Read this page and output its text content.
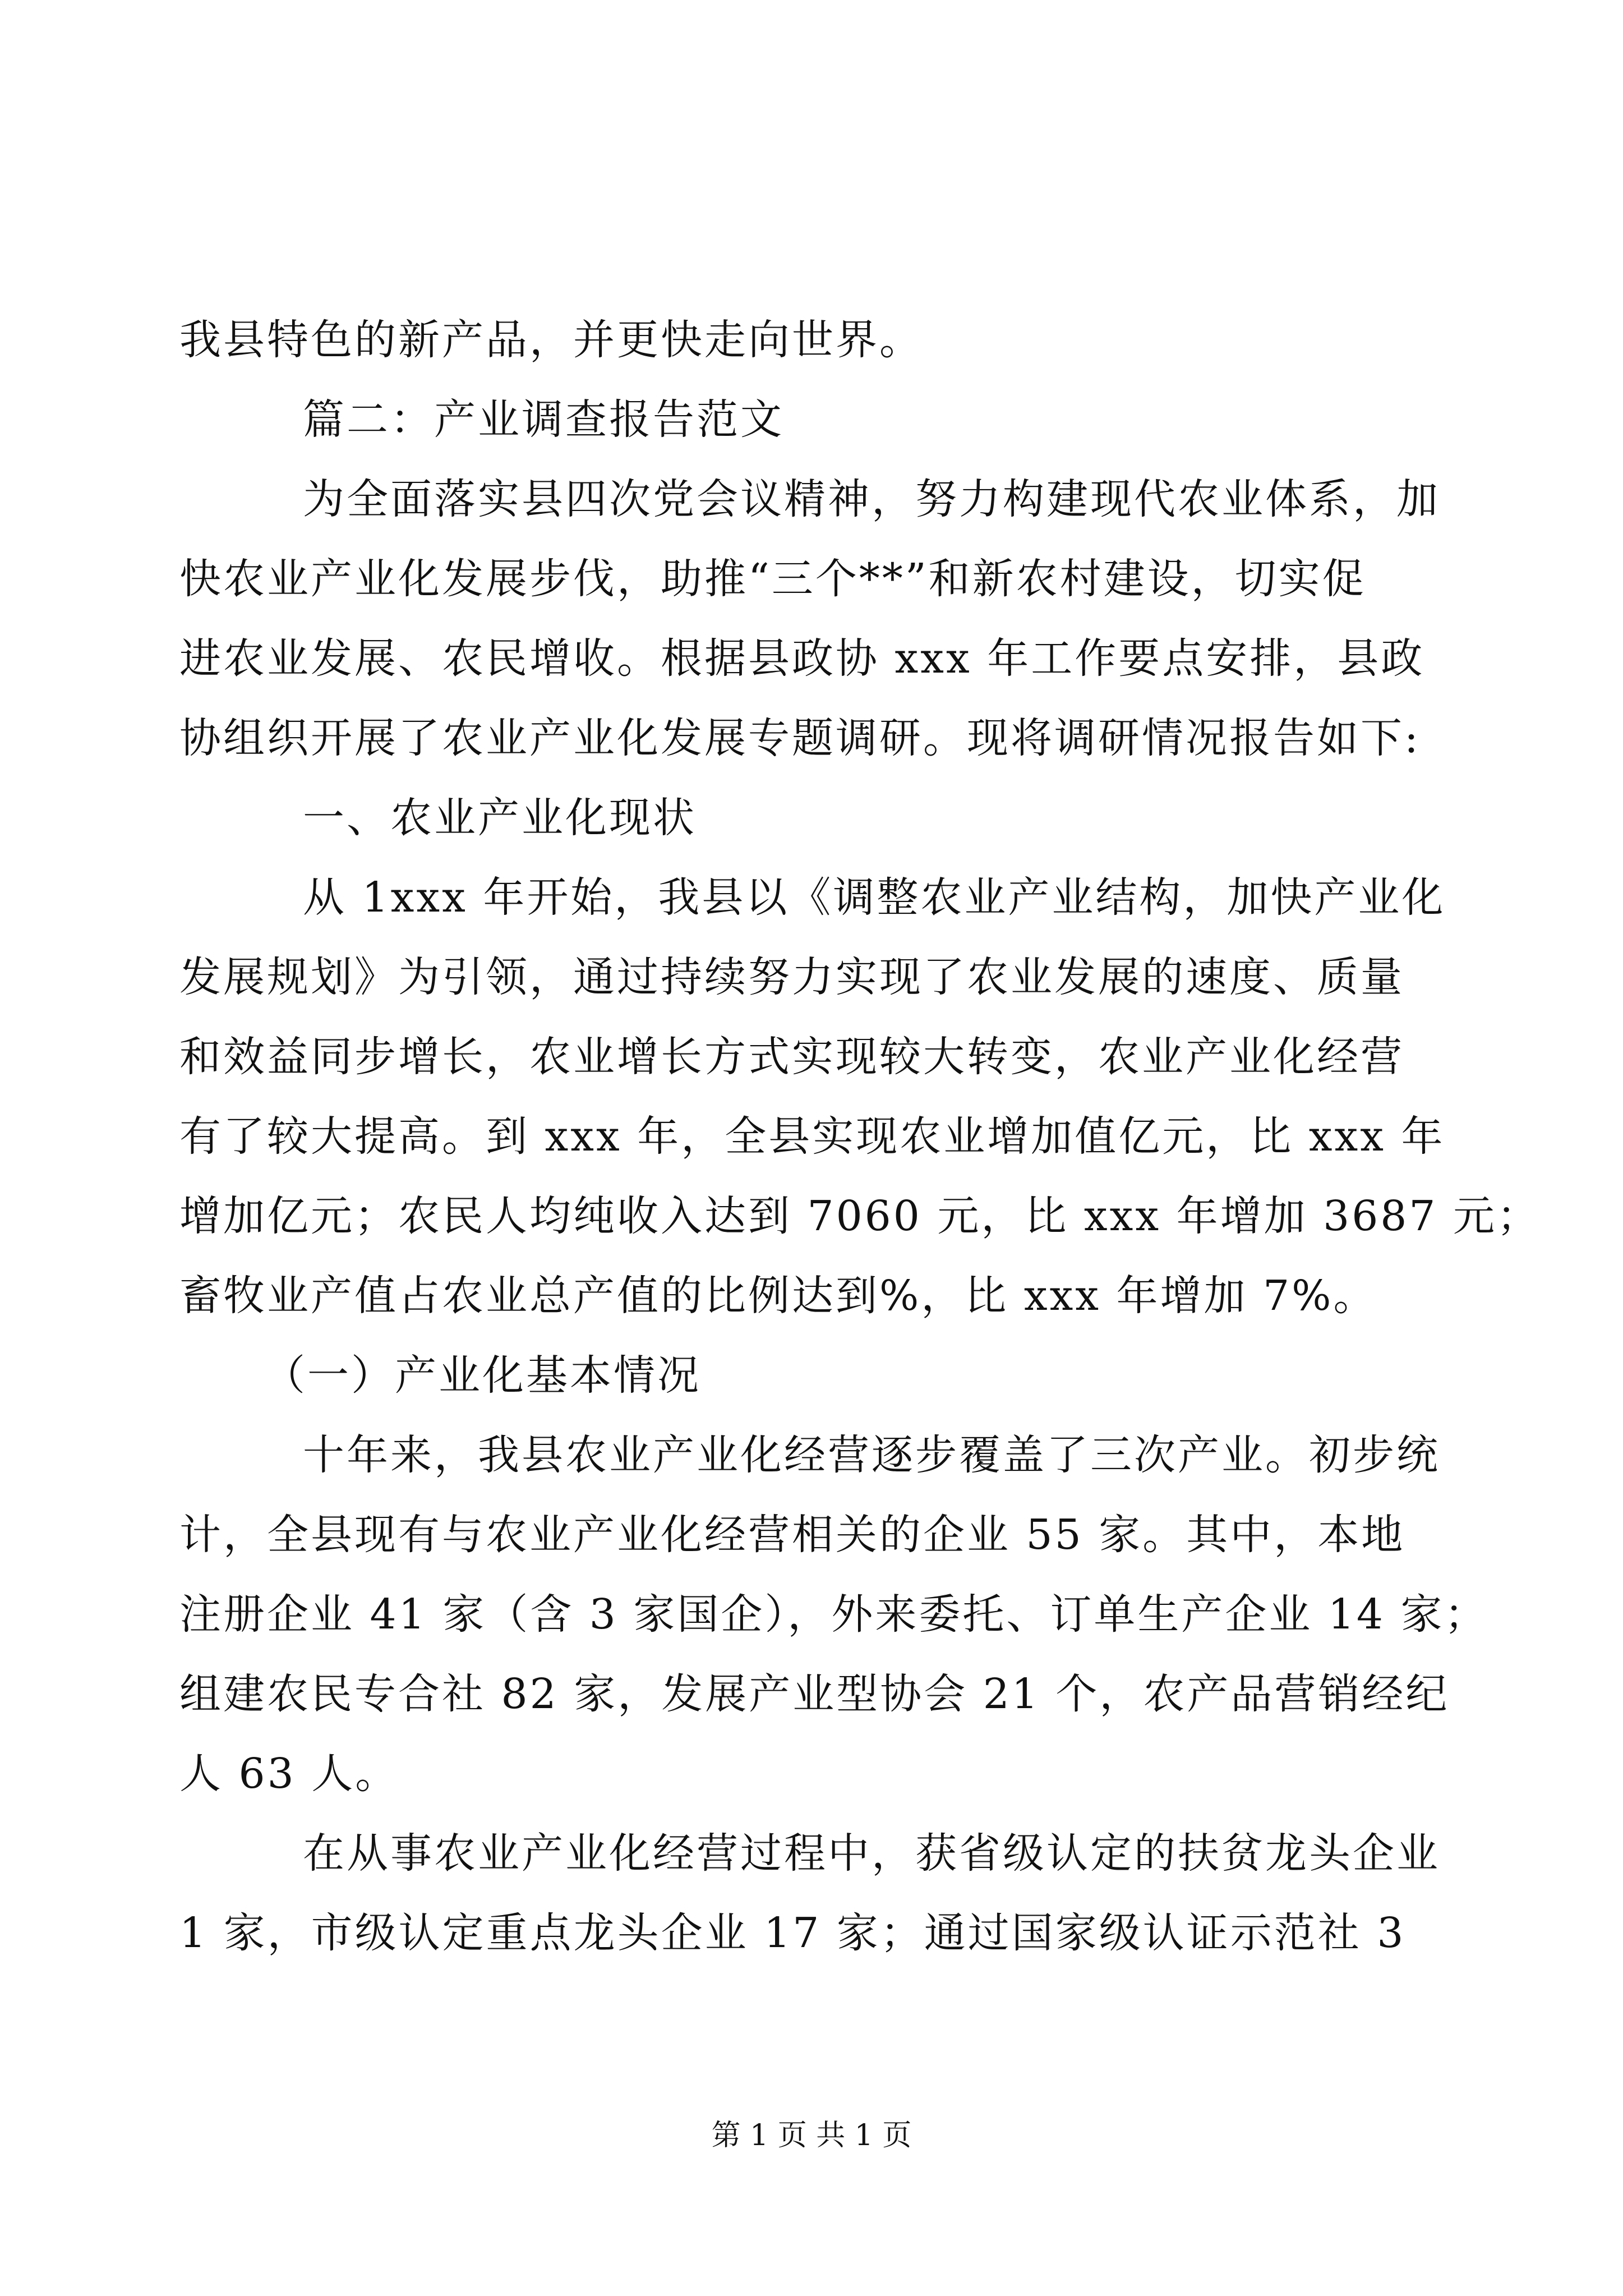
我县特色的新产品，并更快走向世界。
篇二：产业调查报告范文
为全面落实县四次党会议精神，努力构建现代农业体系，加
快农业产业化发展步伐，助推“三个**”和新农村建设，切实促
进农业发展、农民增收。根据县政协 xxx 年工作要点安排，县政
协组织开展了农业产业化发展专题调研。现将调研情况报告如下:
一、农业产业化现状
从 1xxx 年开始，我县以《调整农业产业结构，加快产业化
发展规划》为引领，通过持续努力实现了农业发展的速度、质量
和效益同步增长，农业增长方式实现较大转变，农业产业化经营
有了较大提高。到 xxx 年，全县实现农业增加值亿元，比 xxx 年
增加亿元；农民人均纯收入达到 7060 元，比 xxx 年增加 3687 元；
畜牧业产值占农业总产值的比例达到%，比 xxx 年增加 7%。
（一）产业化基本情况
十年来，我县农业产业化经营逐步覆盖了三次产业。初步统
计，全县现有与农业产业化经营相关的企业 55 家。其中，本地
注册企业 41 家（含 3 家国企），外来委托、订单生产企业 14 家；
组建农民专合社 82 家，发展产业型协会 21 个，农产品营销经纪
人 63 人。
在从事农业产业化经营过程中，获省级认定的扶贫龙头企业
1 家，市级认定重点龙头企业 17 家；通过国家级认证示范社 3
第 1 页 共 1 页
